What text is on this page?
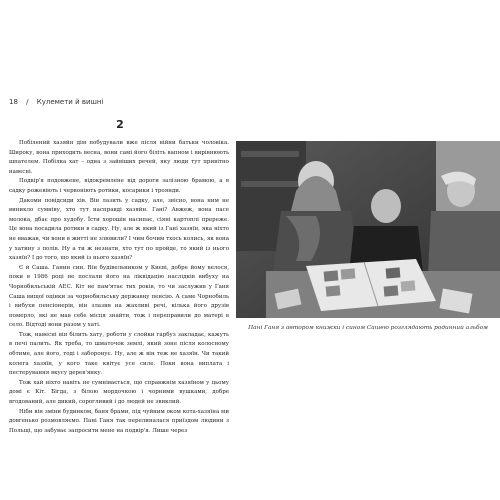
18 / Кулемети й вишні
2

Побілений хазяйн дім побудували вже після війни батьки чоловіка. Широку, вона приходить весна, вони самі його біліть вапном і вирівнюють шпателем. Побілка хат – одна з зайвіших речей, яку люди тут привітно навесні.

Подвір'я подовжене, відокремлене від дороги залізною брамою, а в садку рожевіють і червоніють ротики, косарики і троянди.

Дакоми повідсиди хів. Він лазить у садку, але, звісно, вона ним не виникло сумніву, хто тут насправді хазяйн. Гані? Авжеж, вона пасе молока, дбає про худобу. Їсти хорошів насипає, сіяні картоплі пререже. Це вона посадила ротики в садку. Ну, але ж який із Гані хазяїн, яка ніхто не вважав, чи вони в житті не злювили? І чим бочим тхось колись, як вона у хатину з полів. Ну а ти ж незнати, хто тут по пройде, то який із нього хазяїн? І до того, що який із нього хазяїн?

Є й Саша. Ганин син. Він будівельником у Києві, добре йому велося, поки в 1986 році не послали його на ліквідацію наслідків вибуху на Чорнобильській АЕС. Кіт не пам'ятає тих років, то чи заслужив у Ганя Саша вищої оцінки за чорнобильську державну пенсію. А саме Чорнобиль і вибухи пенсіонерів, він злазив на жахливі речі, кілька його друзів померло, які не мав себе місця знайти, тож і переправили до матері в село. Відтоді вони разом у хаті.

Тож, навесні він білить хату, роботи у слойки гарбуз закладає, кажуть в печі палить. Як треба, то шматочок землі, який зоне після колосному обтиме, але його, тоді і заборонує. Ну, але ж він теж не хазяїн. Чи такий колега хазяїн, у кого таке квітує усе силе. Поки вона виплата і пестерування вкусу дерев'янку.

Тож хай ніхто навіть не сумнівається, що справжнім хазяїном у цьому домі є Кіт. Бігда, з білою мордочкою і чорними вушками, добре вгодований, але дикий, сорогливий і до людей не звиклий.

Ніби він зміни будинком, баня брами, під чуйним оком кота-хазяїна ми довгенько розмовляємо. Пані Ганя так перелиналася приїздом людини з Польщі, що забуває запросити мене на подвір'я. Лише через

Пані Ганя з автором книжки і сином Сашею розглядають родинний альбом
